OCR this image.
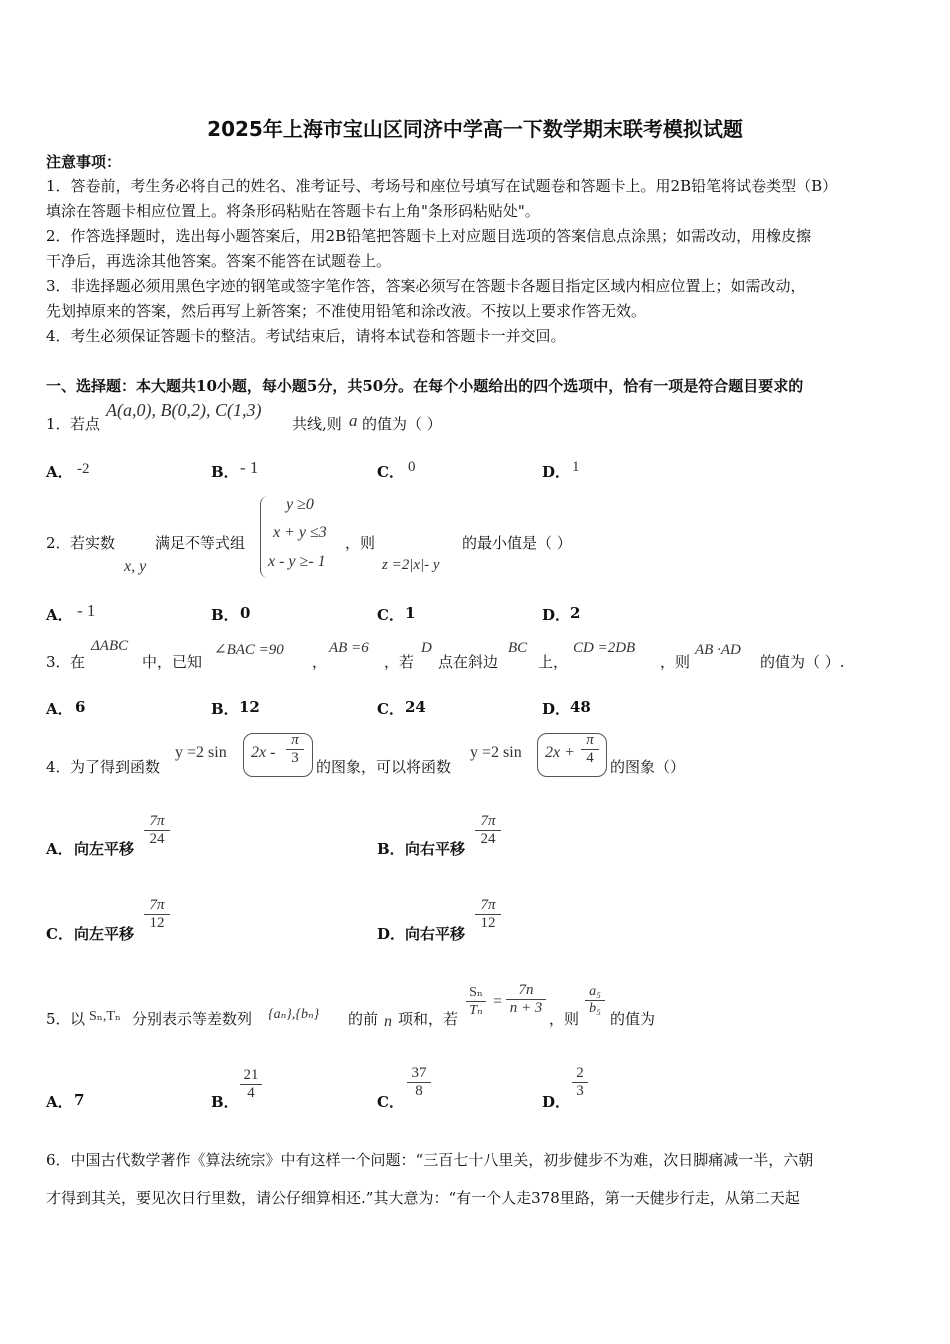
2025年上海市宝山区同济中学高一下数学期末联考模拟试题
注意事项：
1．答卷前，考生务必将自己的姓名、准考证号、考场号和座位号填写在试题卷和答题卡上。用2B铅笔将试卷类型（B）
填涂在答题卡相应位置上。将条形码粘贴在答题卡右上角"条形码粘贴处"。
2．作答选择题时，选出每小题答案后，用2B铅笔把答题卡上对应题目选项的答案信息点涂黑；如需改动，用橡皮擦
干净后，再选涂其他答案。答案不能答在试题卷上。
3．非选择题必须用黑色字迹的钢笔或签字笔作答，答案必须写在答题卡各题目指定区域内相应位置上；如需改动，
先划掉原来的答案，然后再写上新答案；不准使用铅笔和涂改液。不按以上要求作答无效。
4．考生必须保证答题卡的整洁。考试结束后，请将本试卷和答题卡一并交回。
一、选择题：本大题共10小题，每小题5分，共50分。在每个小题给出的四个选项中，恰有一项是符合题目要求的
1． 若点
A(a,0), B(0,2), C(1,3)
共线,则 a 的值为（ ）
A． -2	B． - 1	C． 0	D． 1
2． 若实数
x, y
满足不等式组
y ≥0
x + y ≤3
x - y ≥- 1
，则
z =2|x|- y
的最小值是（ ）
A． - 1	B． 0	C． 1	D． 2
3． 在
ΔABC
中，已知
∠BAC =90
，
AB =6
，若
D
点在斜边
BC
上，
CD =2DB
，则
AB ·AD
的值为（ ）.
A． 6	B． 12	C． 24	D． 48
4． 为了得到函数
y =2 $\sin 2x - \frac{\pi}{3}$ 的图象，可以将函数
y =2 $\sin 2x + \frac{\pi}{4}$ 的图象（）
A． 向左平移
$\frac{7\pi}{24}$
B． 向右平移
$\frac{7\pi}{24}$
C． 向左平移
$\frac{7\pi}{12}$
D． 向右平移
$\frac{7\pi}{12}$
5． 以 Sₙ,Tₙ 分别表示等差数列 {aₙ},{bₙ} 的前 n 项和，若 $\frac{\text{Sₙ}}{\text{Tₙ}} = \frac{7n}{n + 3}$
，则
$\frac{\text{a₅}}{\text{b₅}}$
的值为
A． 7	B． $\frac{21}{4}$	C．
$\frac{37}{8}$
D．
$\frac{2}{3}$
6．中国古代数学著作《算法统宗》中有这样一个问题：“三百七十八里关，初步健步不为难，次日脚痛减一半，六朝
才得到其关，要见次日行里数，请公仔细算相还.”其大意为：“有一个人走378里路，第一天健步行走，从第二天起
